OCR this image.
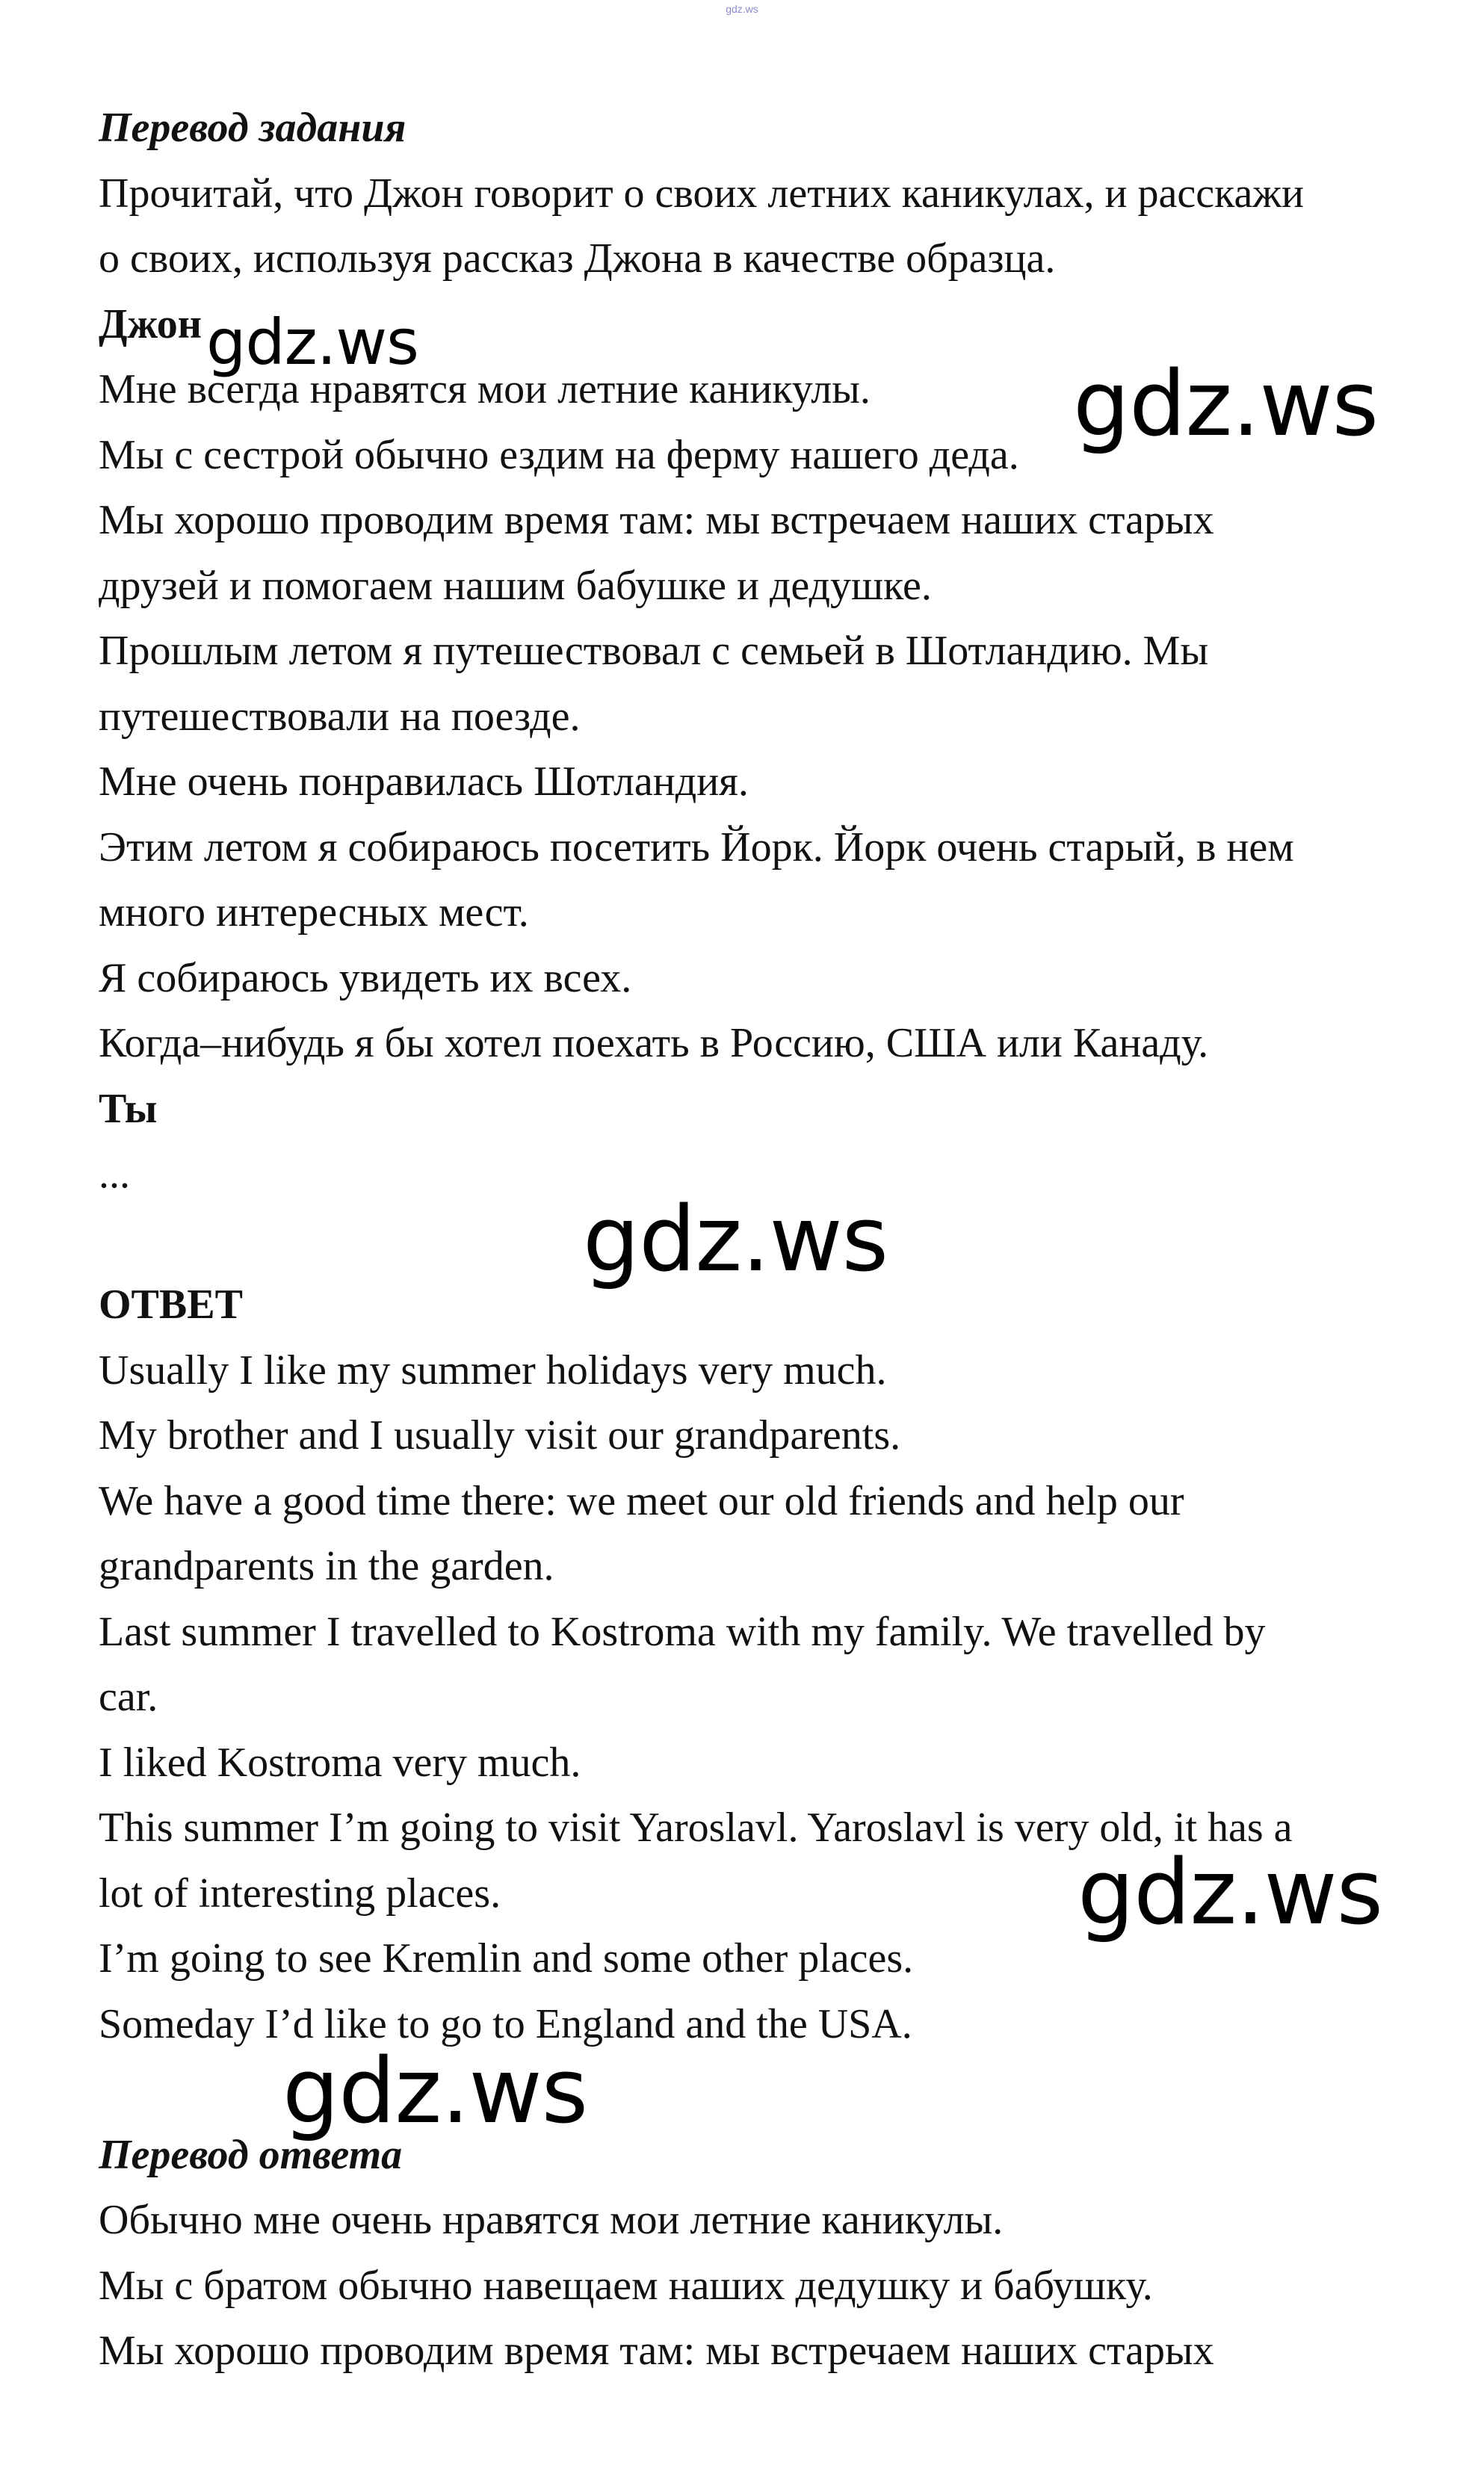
gdz.ws

Перевод задания

Прочитай, что Джон говорит о своих летних каникулах, и расскажи

о своих, используя рассказ Джона в качестве образца.

Джон

Мне всегда нравятся мои летние каникулы.

Мы с сестрой обычно ездим на ферму нашего деда.

Мы хорошо проводим время там: мы встречаем наших старых

друзей и помогаем нашим бабушке и дедушке.

Прошлым летом я путешествовал с семьей в Шотландию. Мы

путешествовали на поезде.

Мне очень понравилась Шотландия.

Этим летом я собираюсь посетить Йорк. Йорк очень старый, в нем

много интересных мест.

Я собираюсь увидеть их всех.

Когда–нибудь я бы хотел поехать в Россию, США или Канаду.

Ты

...

ОТВЕТ

Usually I like my summer holidays very much.

My brother and I usually visit our grandparents.

We have a good time there: we meet our old friends and help our

grandparents in the garden.

Last summer I travelled to Kostroma with my family. We travelled by

car.

I liked Kostroma very much.

This summer I’m going to visit Yaroslavl. Yaroslavl is very old, it has a

lot of interesting places.

I’m going to see Kremlin and some other places.

Someday I’d like to go to England and the USA.

Перевод ответа

Обычно мне очень нравятся мои летние каникулы.

Мы с братом обычно навещаем наших дедушку и бабушку.

Мы хорошо проводим время там: мы встречаем наших старых

gdz.ws
gdz.ws
gdz.ws
gdz.ws
gdz.ws
